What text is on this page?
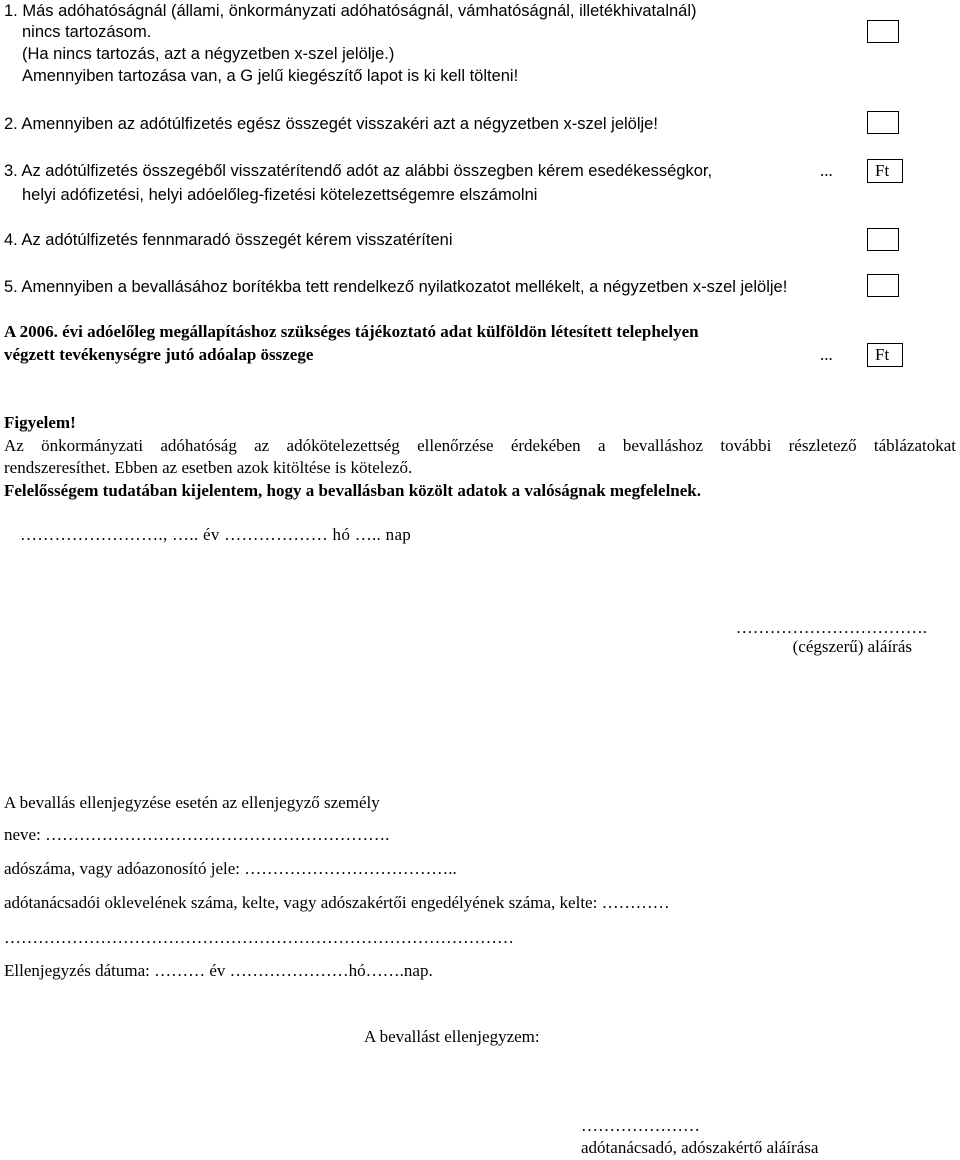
1. Más adóhatóságnál (állami, önkormányzati adóhatóságnál, vámhatóságnál, illetékhivatalnál)
nincs tartozásom.
(Ha nincs tartozás, azt a négyzetben x-szel jelölje.)
Amennyiben tartozása van, a G jelű kiegészítő lapot is ki kell tölteni!
2. Amennyiben az adótúlfizetés egész összegét visszakéri azt a négyzetben x-szel jelölje!
3. Az adótúlfizetés összegéből visszatérítendő adót az alábbi összegben kérem esedékességkor,
helyi adófizetési, helyi adóelőleg-fizetési kötelezettségemre elszámolni
...	Ft
4. Az adótúlfizetés fennmaradó összegét kérem visszatéríteni
5. Amennyiben a bevallásához borítékba tett rendelkező nyilatkozatot mellékelt, a négyzetben x-szel jelölje!
A 2006. évi adóelőleg megállapításhoz szükséges tájékoztató adat külföldön létesített telephelyen
végzett tevékenységre jutó adóalap összege	...	Ft
Figyelem!
Az önkormányzati adóhatóság az adókötelezettség ellenőrzése érdekében a bevalláshoz további részletező táblázatokat
rendszeresíthet. Ebben az esetben azok kitöltése is kötelező.
Felelősségem tudatában kijelentem, hogy a bevallásban közölt adatok a valóságnak megfelelnek.
……………………., ….. év ……………… hó ….. nap
…………………………….
(cégszerű) aláírás
A bevallás ellenjegyzése esetén az ellenjegyző személy
neve: …………………………………………………….
adószáma, vagy adóazonosító jele: ………………………………..
adótanácsadói oklevelének száma, kelte, vagy adószakértői engedélyének száma, kelte: …………
………………………………………………………………………………
Ellenjegyzés dátuma: ……… év …………………hó…….nap.
A bevallást ellenjegyzem:
…………………
adótanácsadó, adószakértő aláírása
